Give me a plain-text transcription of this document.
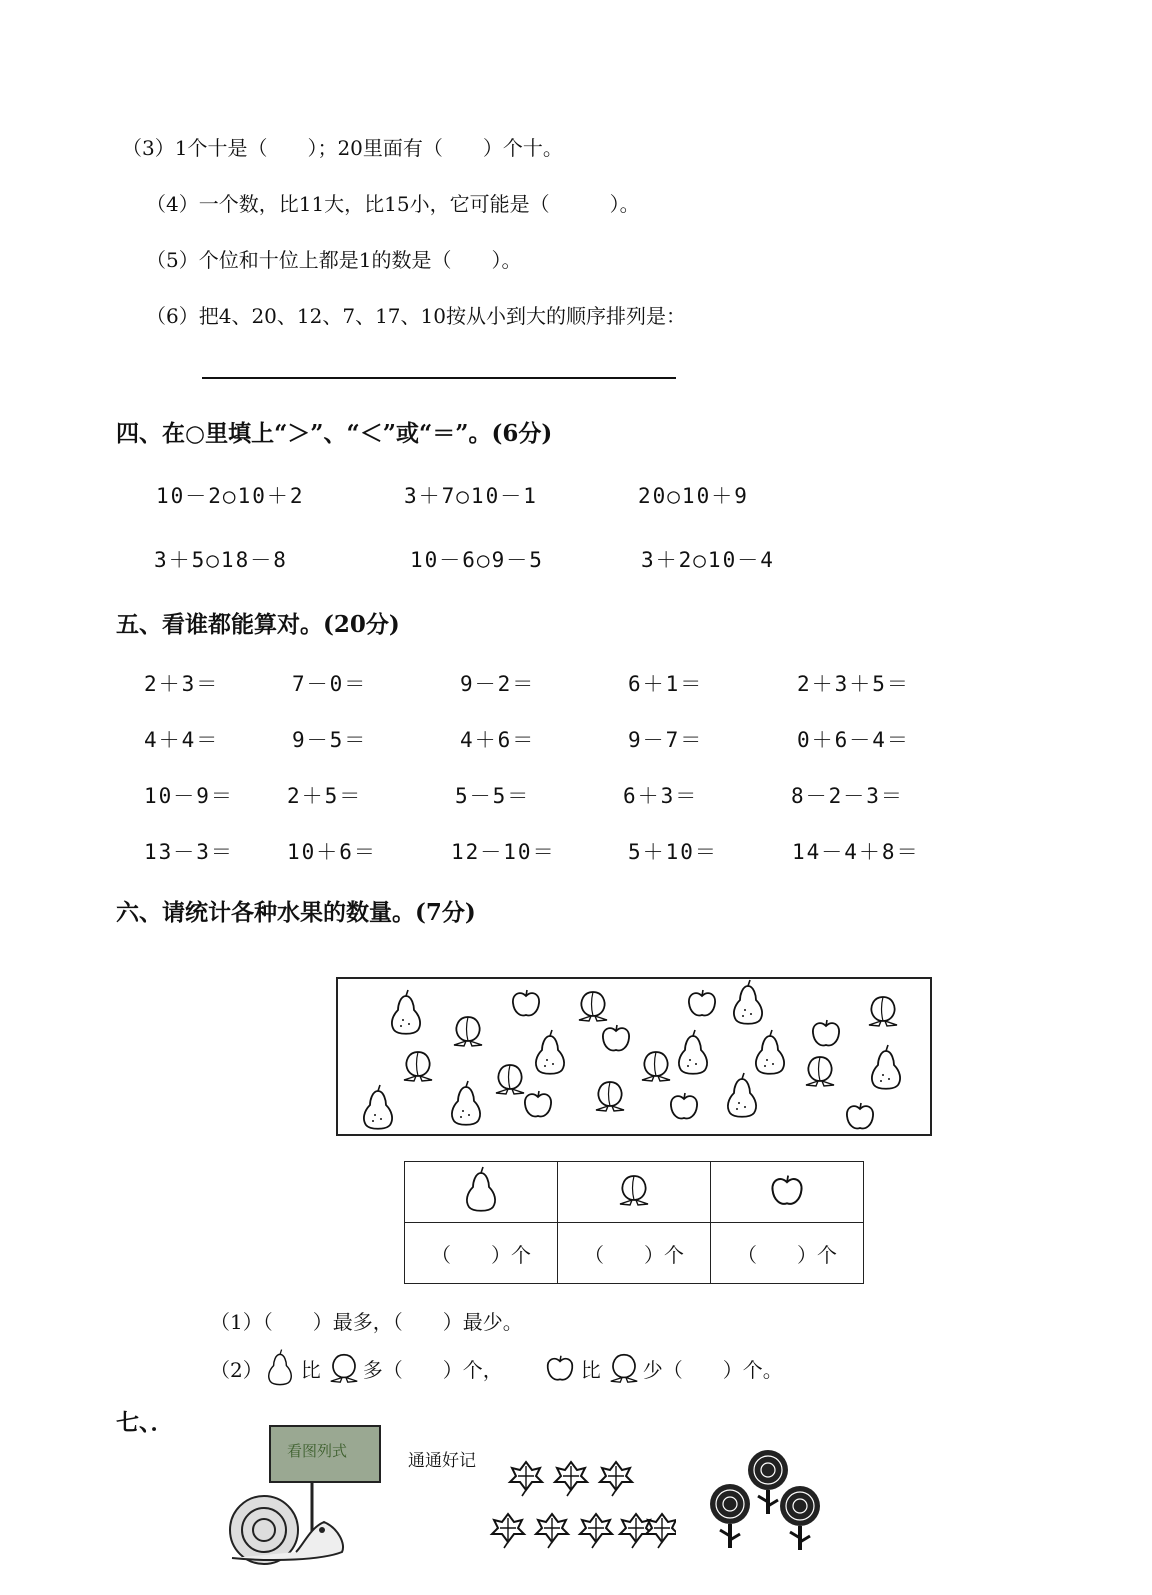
（3）1个十是（　　）；20里面有（　　）个十。
（4）一个数，比11大，比15小，它可能是（　　　）。
（5）个位和十位上都是1的数是（　　）。
（6）把4、20、12、7、17、10按从小到大的顺序排列是：
四、在○里填上“＞”、“＜”或“＝”。(6分)
10－2○10＋2	3＋7○10－1	20○10＋9
3＋5○18－8	10－6○9－5	3＋2○10－4
五、看谁都能算对。(20分)
2＋3＝	7－0＝	9－2＝	6＋1＝	2＋3＋5＝
4＋4＝	9－5＝	4＋6＝	9－7＝	0＋6－4＝
10－9＝	2＋5＝	5－5＝	6＋3＝	8－2－3＝
13－3＝	10＋6＝	12－10＝	5＋10＝	14－4＋8＝
六、请统计各种水果的数量。(7分)

（　　）个	（　　）个	（　　）个
（1）（　　）最多，（　　）最少。
（2） 比 多（　　）个，	比 少（　　）个。
七、．
看图列式	通通好记
